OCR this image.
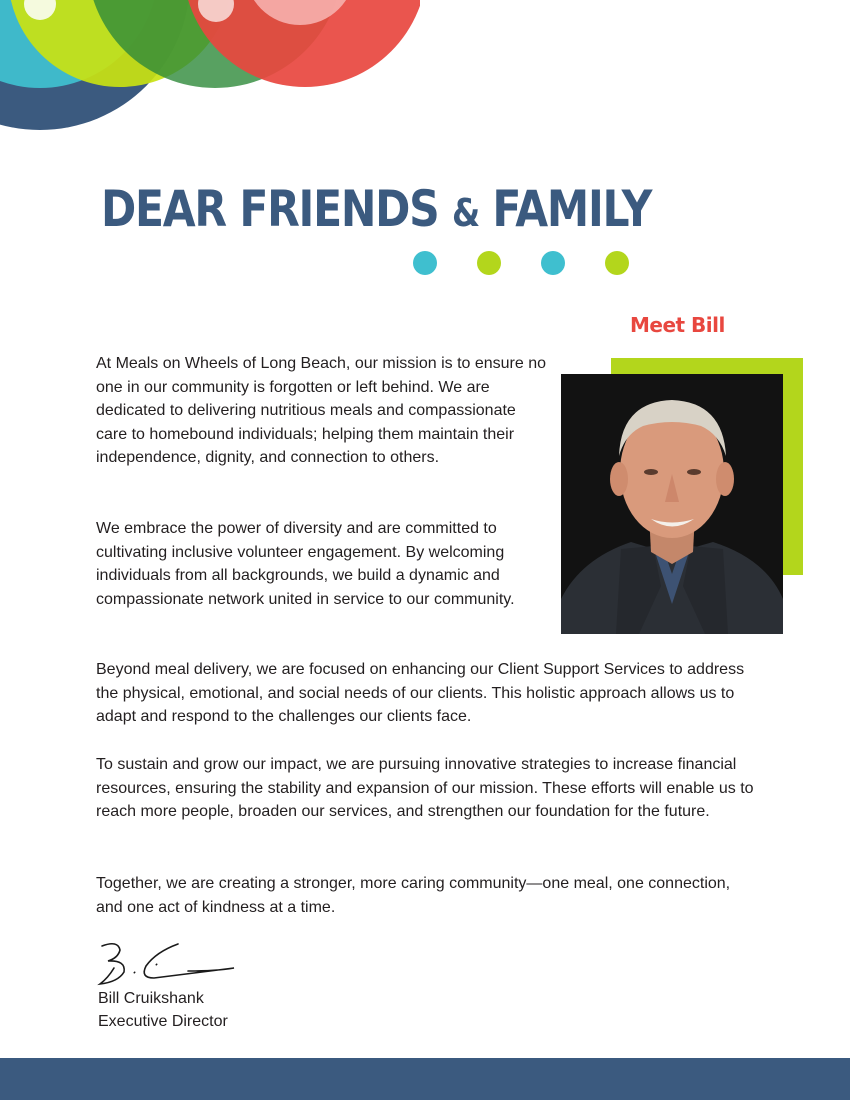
DEAR FRIENDS & FAMILY
Meet Bill

At Meals on Wheels of Long Beach, our mission is to ensure no one in our community is forgotten or left behind. We are dedicated to delivering nutritious meals and compassionate care to homebound individuals; helping them maintain their independence, dignity, and connection to others.

We embrace the power of diversity and are committed to cultivating inclusive volunteer engagement. By welcoming individuals from all backgrounds, we build a dynamic and compassionate network united in service to our community.

Beyond meal delivery, we are focused on enhancing our Client Support Services to address the physical, emotional, and social needs of our clients. This holistic approach allows us to adapt and respond to the challenges our clients face.

To sustain and grow our impact, we are pursuing innovative strategies to increase financial resources, ensuring the stability and expansion of our mission. These efforts will enable us to reach more people, broaden our services, and strengthen our foundation for the future.

Together, we are creating a stronger, more caring community—one meal, one connection, and one act of kindness at a time.

Bill Cruikshank
Executive Director
